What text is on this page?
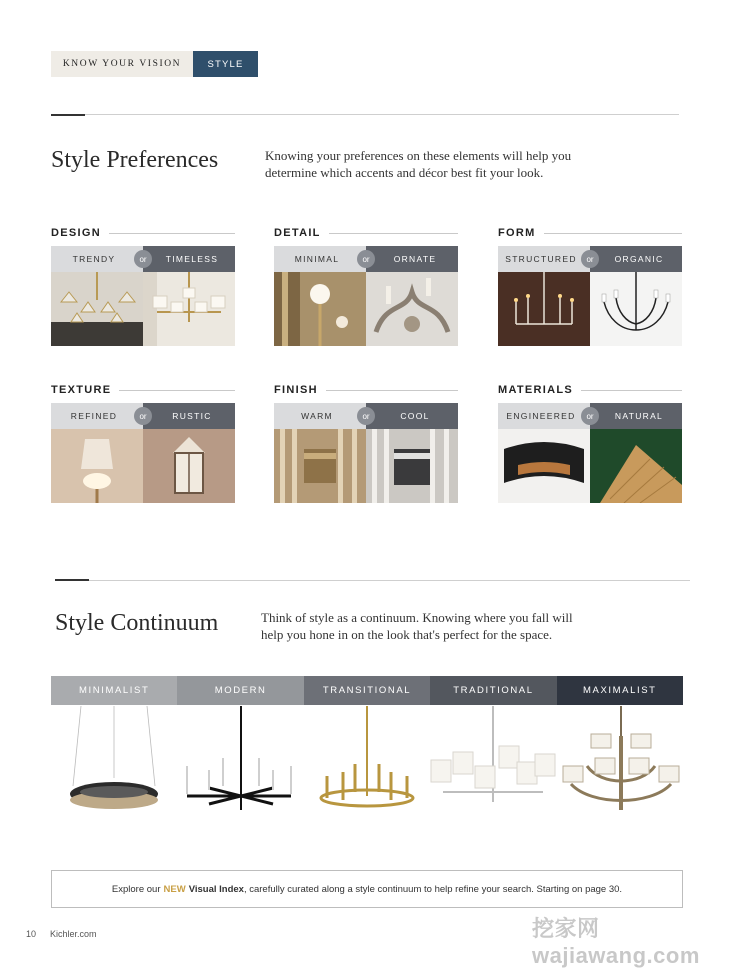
KNOW YOUR VISION	STYLE
Style Preferences	Knowing your preferences on these elements will help you
determine which accents and décor best fit your look.
DESIGN
TRENDY	TIMELESS
or
DETAIL
MINIMAL	ORNATE
or
FORM
STRUCTURED	ORGANIC
or
TEXTURE
REFINED	RUSTIC
or
FINISH
WARM	COOL
or
MATERIALS
ENGINEERED	NATURAL
or
Style Continuum	Think of style as a continuum. Knowing where you fall will
help you hone in on the look that's perfect for the space.
MINIMALIST	MODERN	TRANSITIONAL	TRADITIONAL	MAXIMALIST
Explore our NEW Visual Index , carefully curated along a style continuum to help refine your search. Starting on page 30.
10 Kichler.com	挖家网 wajiawang.com
